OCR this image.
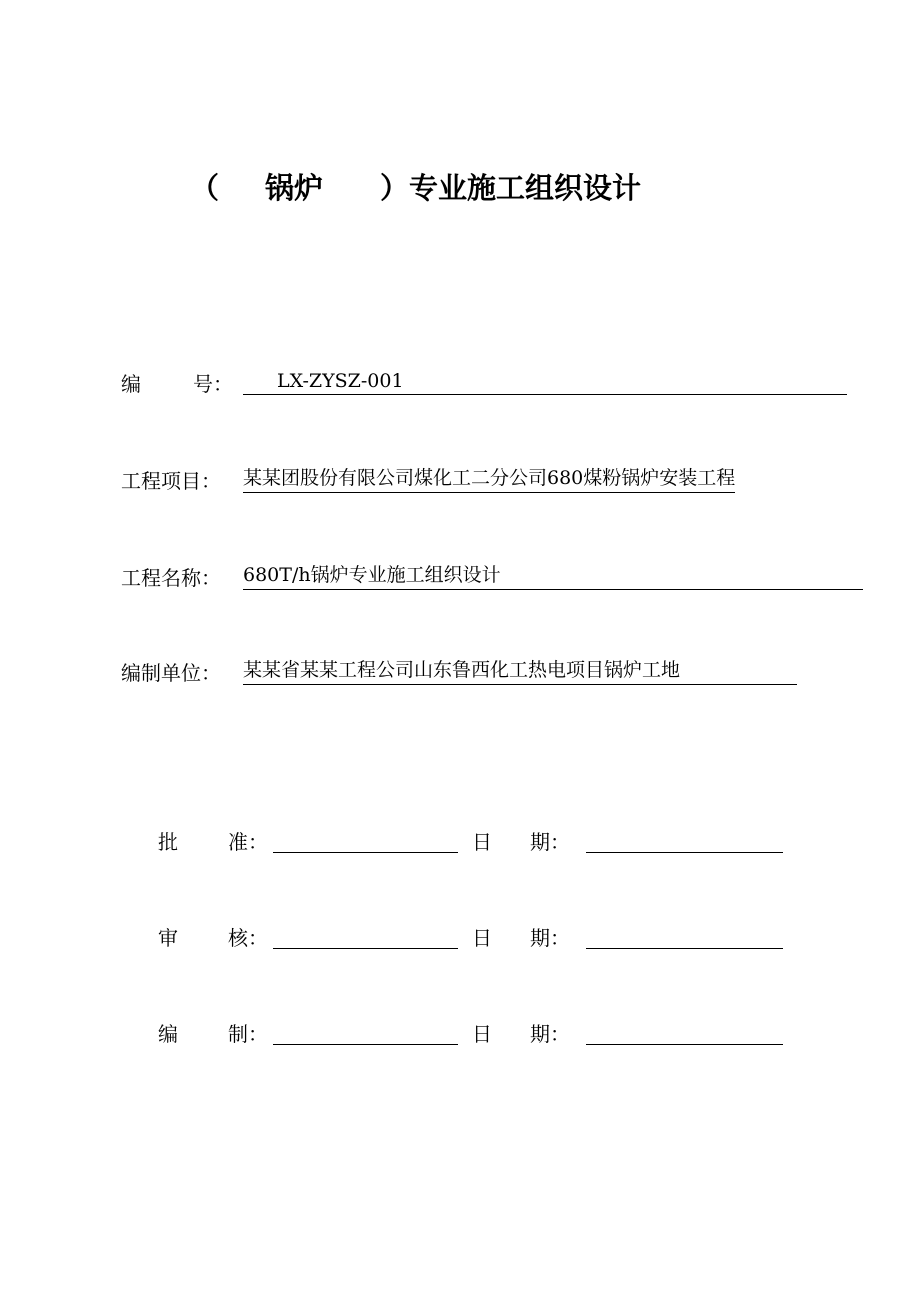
（ 锅炉 ）专业施工组织设计
编	号：	LX-ZYSZ-001
工程项目： 某某团股份有限公司煤化工二分公司680煤粉锅炉安装工程
工程名称： 680T/h锅炉专业施工组织设计
编制单位： 某某省某某工程公司山东鲁西化工热电项目锅炉工地
批	准：	日 期：
审	核：	日 期：
编	制：	日 期：
